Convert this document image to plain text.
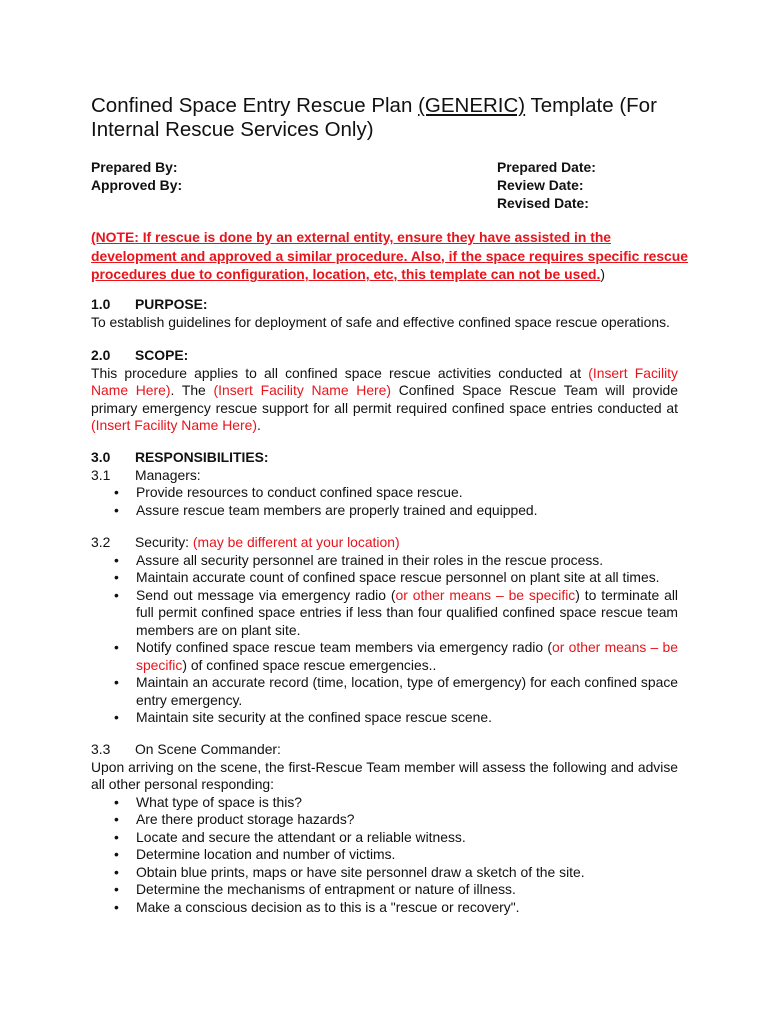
Confined Space Entry Rescue Plan (GENERIC) Template (For Internal Rescue Services Only)
Prepared By:
Approved By:
Prepared Date:
Review Date:
Revised Date:
(NOTE: If rescue is done by an external entity, ensure they have assisted in the development and approved a similar procedure. Also, if the space requires specific rescue procedures due to configuration, location, etc, this template can not be used.)
1.0 PURPOSE:
To establish guidelines for deployment of safe and effective confined space rescue operations.
2.0 SCOPE:
This procedure applies to all confined space rescue activities conducted at (Insert Facility Name Here). The (Insert Facility Name Here) Confined Space Rescue Team will provide primary emergency rescue support for all permit required confined space entries conducted at (Insert Facility Name Here).
3.0 RESPONSIBILITIES:
3.1 Managers:
• Provide resources to conduct confined space rescue.
• Assure rescue team members are properly trained and equipped.
3.2 Security: (may be different at your location)
• Assure all security personnel are trained in their roles in the rescue process.
• Maintain accurate count of confined space rescue personnel on plant site at all times.
• Send out message via emergency radio (or other means – be specific) to terminate all full permit confined space entries if less than four qualified confined space rescue team members are on plant site.
• Notify confined space rescue team members via emergency radio (or other means – be specific) of confined space rescue emergencies..
• Maintain an accurate record (time, location, type of emergency) for each confined space entry emergency.
• Maintain site security at the confined space rescue scene.
3.3 On Scene Commander:
Upon arriving on the scene, the first-Rescue Team member will assess the following and advise all other personal responding:
• What type of space is this?
• Are there product storage hazards?
• Locate and secure the attendant or a reliable witness.
• Determine location and number of victims.
• Obtain blue prints, maps or have site personnel draw a sketch of the site.
• Determine the mechanisms of entrapment or nature of illness.
• Make a conscious decision as to this is a "rescue or recovery".
